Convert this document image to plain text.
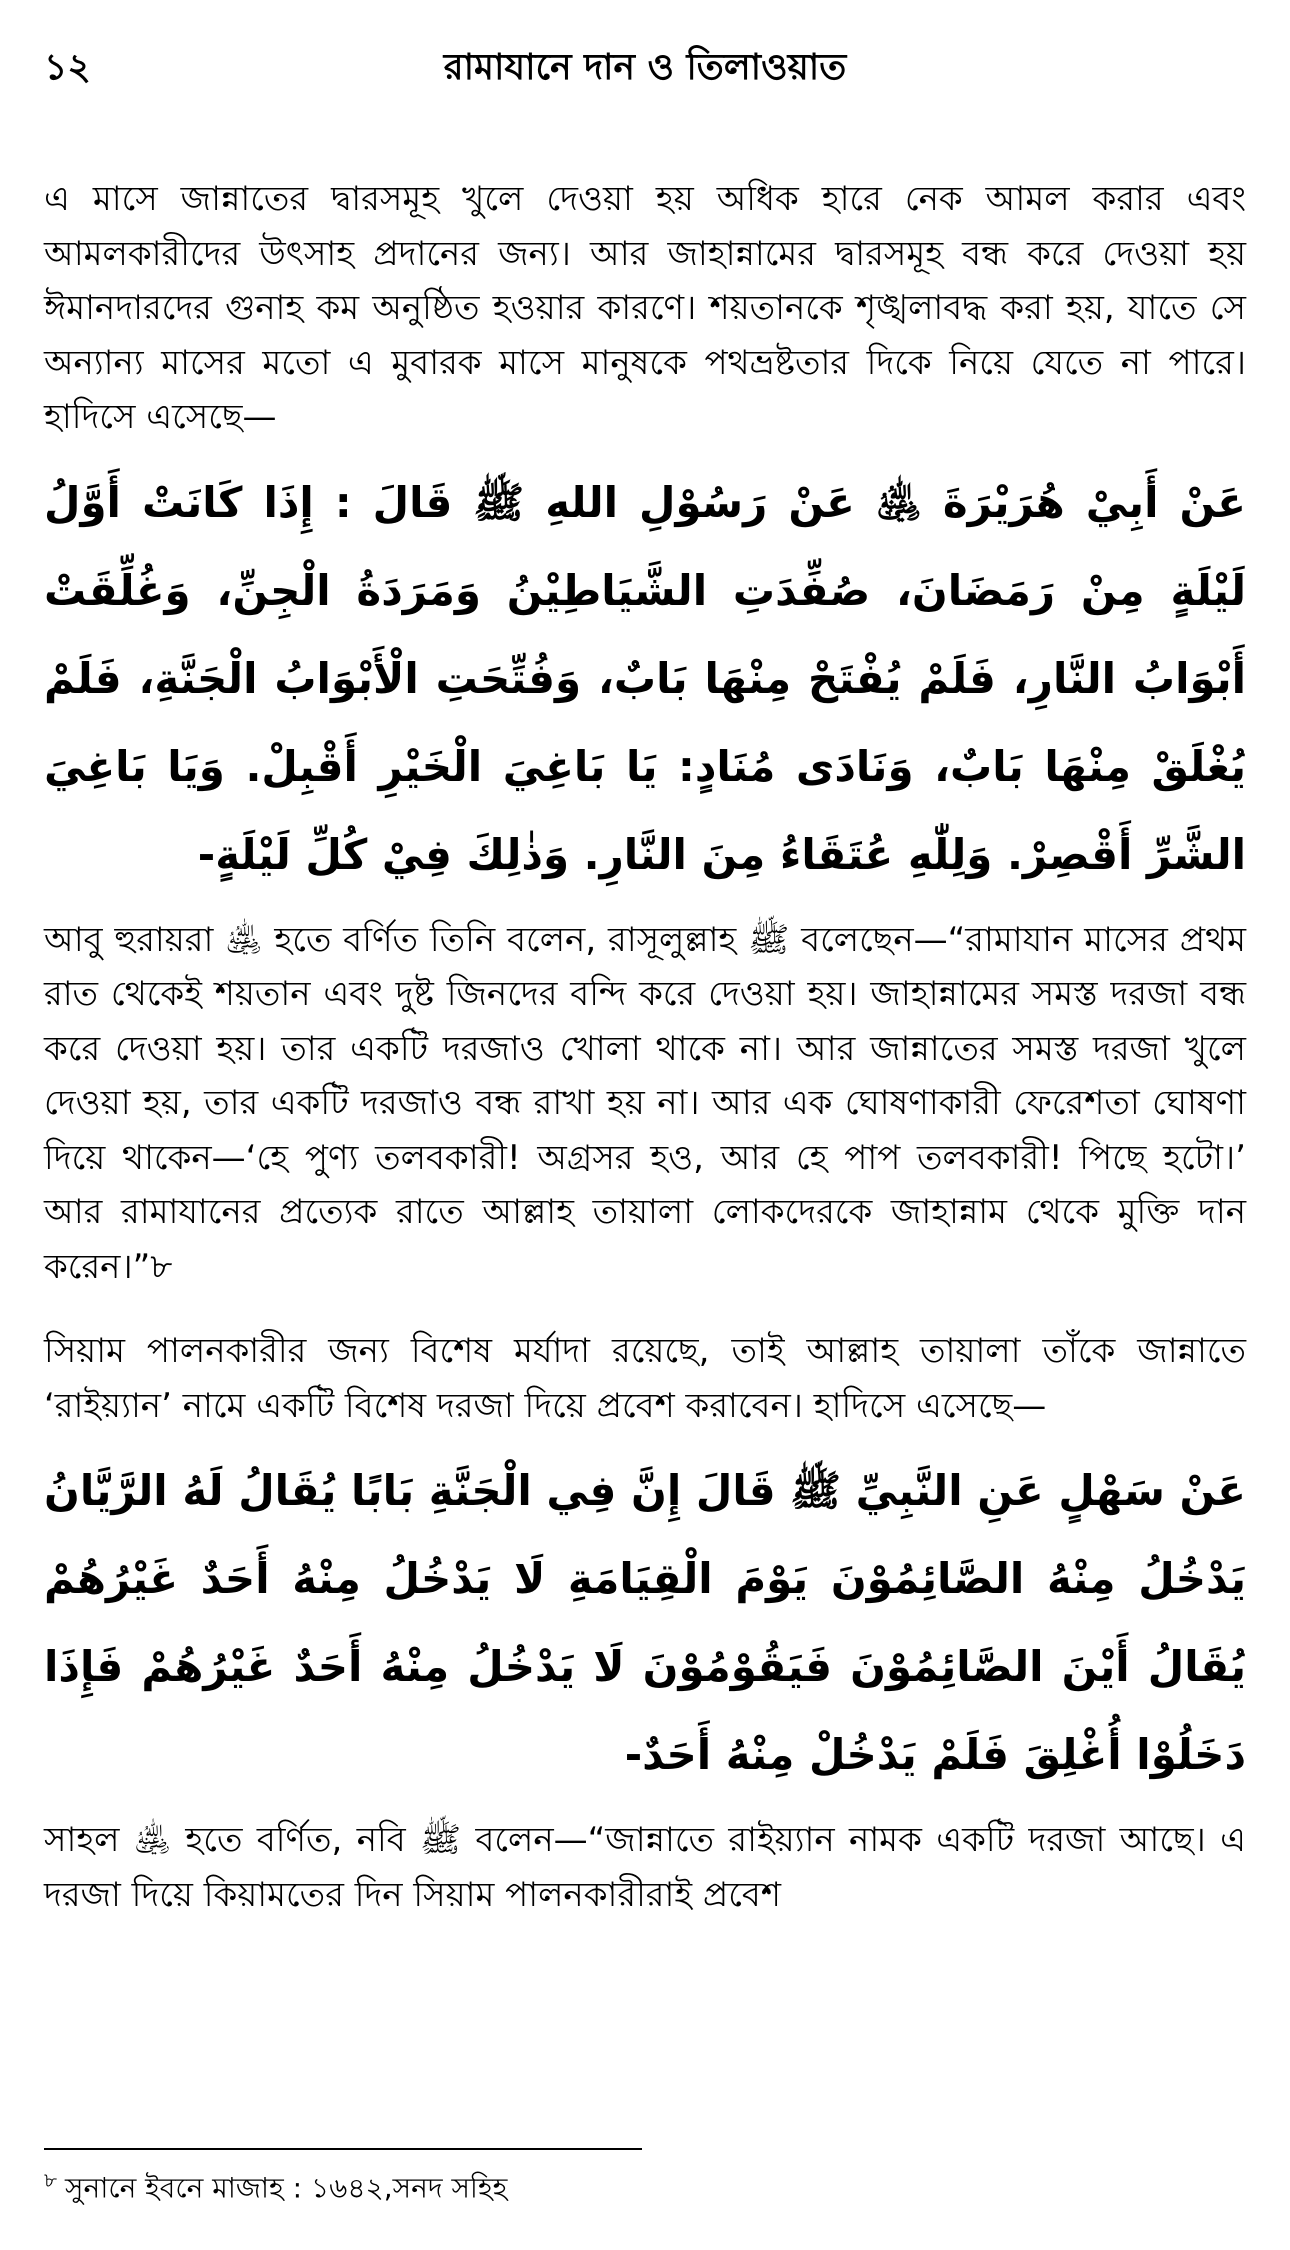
১২	রামাযানে দান ও তিলাওয়াত

এ মাসে জান্নাতের দ্বারসমূহ খুলে দেওয়া হয় অধিক হারে নেক আমল করার এবং আমলকারীদের উৎসাহ প্রদানের জন্য। আর জাহান্নামের দ্বারসমূহ বন্ধ করে দেওয়া হয় ঈমানদারদের গুনাহ কম অনুষ্ঠিত হওয়ার কারণে। শয়তানকে শৃঙ্খলাবদ্ধ করা হয়, যাতে সে অন্যান্য মাসের মতো এ মুবারক মাসে মানুষকে পথভ্রষ্টতার দিকে নিয়ে যেতে না পারে। হাদিসে এসেছে—

عَنْ أَبِيْ هُرَيْرَةَ ﵁ عَنْ رَسُوْلِ اللهِ ﷺ قَالَ : إِذَا كَانَتْ أَوَّلُ لَيْلَةٍ مِنْ رَمَضَانَ، صُفِّدَتِ الشَّيَاطِيْنُ وَمَرَدَةُ الْجِنِّ، وَغُلِّقَتْ أَبْوَابُ النَّارِ، فَلَمْ يُفْتَحْ مِنْهَا بَابٌ، وَفُتِّحَتِ الْأَبْوَابُ الْجَنَّةِ، فَلَمْ يُغْلَقْ مِنْهَا بَابٌ، وَنَادَى مُنَادٍ: يَا بَاغِيَ الْخَيْرِ أَقْبِلْ. وَيَا بَاغِيَ الشَّرِّ أَقْصِرْ. وَلِلّٰهِ عُتَقَاءُ مِنَ النَّارِ. وَذٰلِكَ فِيْ كُلِّ لَيْلَةٍ-

আবু হুরায়রা ﵁ হতে বর্ণিত তিনি বলেন, রাসূলুল্লাহ ﷺ বলেছেন—“রামাযান মাসের প্রথম রাত থেকেই শয়তান এবং দুষ্ট জিনদের বন্দি করে দেওয়া হয়। জাহান্নামের সমস্ত দরজা বন্ধ করে দেওয়া হয়। তার একটি দরজাও খোলা থাকে না। আর জান্নাতের সমস্ত দরজা খুলে দেওয়া হয়, তার একটি দরজাও বন্ধ রাখা হয় না। আর এক ঘোষণাকারী ফেরেশতা ঘোষণা দিয়ে থাকেন—‘হে পুণ্য তলবকারী! অগ্রসর হও, আর হে পাপ তলবকারী! পিছে হটো।’ আর রামাযানের প্রত্যেক রাতে আল্লাহ তায়ালা লোকদেরকে জাহান্নাম থেকে মুক্তি দান করেন।”৮

সিয়াম পালনকারীর জন্য বিশেষ মর্যাদা রয়েছে, তাই আল্লাহ তায়ালা তাঁকে জান্নাতে ‘রাইয়্যান’ নামে একটি বিশেষ দরজা দিয়ে প্রবেশ করাবেন। হাদিসে এসেছে—

عَنْ سَهْلٍ عَنِ النَّبِيِّ ﷺ قَالَ إِنَّ فِي الْجَنَّةِ بَابًا يُقَالُ لَهُ الرَّيَّانُ يَدْخُلُ مِنْهُ الصَّائِمُوْنَ يَوْمَ الْقِيَامَةِ لَا يَدْخُلُ مِنْهُ أَحَدٌ غَيْرُهُمْ يُقَالُ أَيْنَ الصَّائِمُوْنَ فَيَقُوْمُوْنَ لَا يَدْخُلُ مِنْهُ أَحَدٌ غَيْرُهُمْ فَإِذَا دَخَلُوْا أُغْلِقَ فَلَمْ يَدْخُلْ مِنْهُ أَحَدٌ-

সাহল ﵁ হতে বর্ণিত, নবি ﷺ বলেন—“জান্নাতে রাইয়্যান নামক একটি দরজা আছে। এ দরজা দিয়ে কিয়ামতের দিন সিয়াম পালনকারীরাই প্রবেশ

$^৮$ সুনানে ইবনে মাজাহ : ১৬৪২,সনদ সহিহ
